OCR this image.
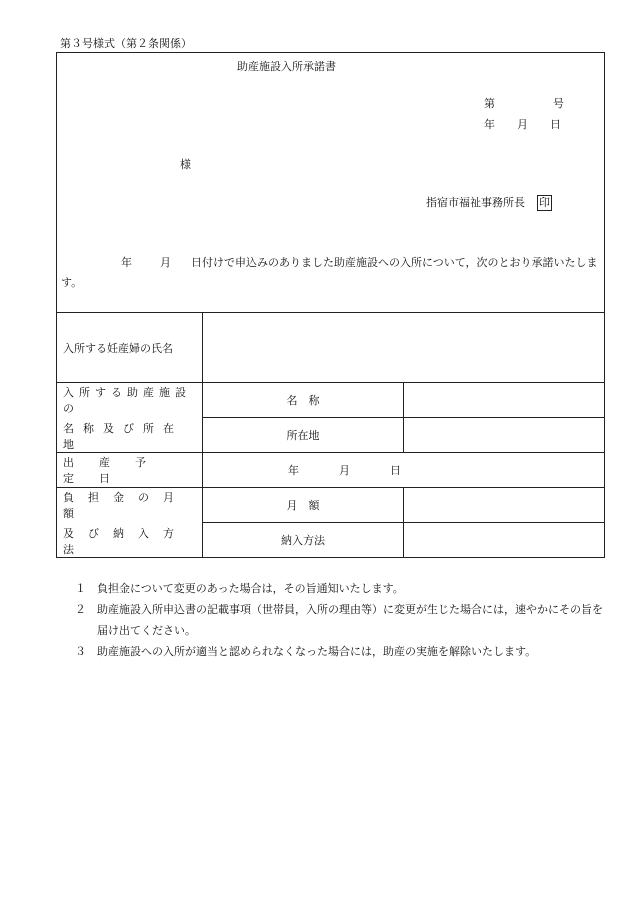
第３号様式（第２条関係）
助産施設入所承諾書
第	号
年 月 日
様
指宿市福祉事務所長 印
年	月 日付けで申込みのありました助産施設への入所について，次のとおり承諾いたします。
入所する妊産婦の氏名		

入所する助産施設の
名称及び所在地	名　称	
	所在地	
出産予定日	年 月 日	

負担金の月額
及び納入方法	月　額	
	納入方法	
１	負担金について変更のあった場合は，その旨通知いたします。
２	助産施設入所申込書の記載事項（世帯員，入所の理由等）に変更が生じた場合には，速やかにその旨を届け出てください。
３	助産施設への入所が適当と認められなくなった場合には，助産の実施を解除いたします。
